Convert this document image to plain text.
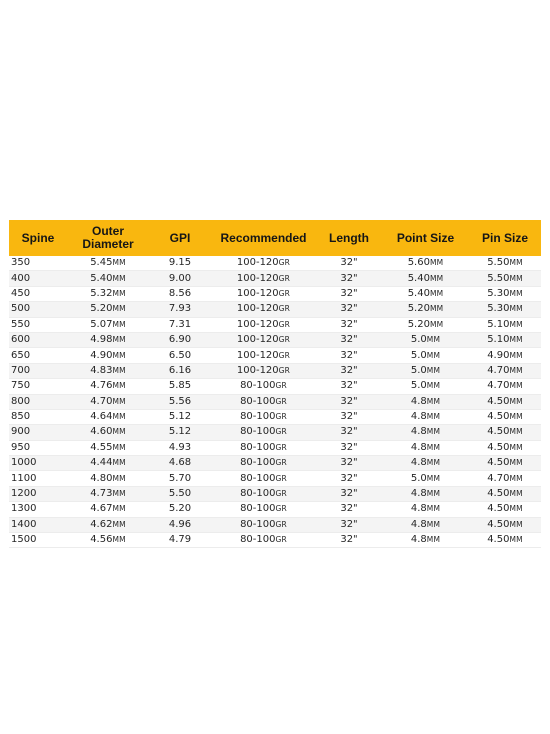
Spine	Outer Diameter	GPI	Recommended	Length	Point Size	Pin Size
350	5.45MM	9.15	100-120GR	32"	5.60MM	5.50MM
400	5.40MM	9.00	100-120GR	32"	5.40MM	5.50MM
450	5.32MM	8.56	100-120GR	32"	5.40MM	5.30MM
500	5.20MM	7.93	100-120GR	32"	5.20MM	5.30MM
550	5.07MM	7.31	100-120GR	32"	5.20MM	5.10MM
600	4.98MM	6.90	100-120GR	32"	5.0MM	5.10MM
650	4.90MM	6.50	100-120GR	32"	5.0MM	4.90MM
700	4.83MM	6.16	100-120GR	32"	5.0MM	4.70MM
750	4.76MM	5.85	80-100GR	32"	5.0MM	4.70MM
800	4.70MM	5.56	80-100GR	32"	4.8MM	4.50MM
850	4.64MM	5.12	80-100GR	32"	4.8MM	4.50MM
900	4.60MM	5.12	80-100GR	32"	4.8MM	4.50MM
950	4.55MM	4.93	80-100GR	32"	4.8MM	4.50MM
1000	4.44MM	4.68	80-100GR	32"	4.8MM	4.50MM
1100	4.80MM	5.70	80-100GR	32"	5.0MM	4.70MM
1200	4.73MM	5.50	80-100GR	32"	4.8MM	4.50MM
1300	4.67MM	5.20	80-100GR	32"	4.8MM	4.50MM
1400	4.62MM	4.96	80-100GR	32"	4.8MM	4.50MM
1500	4.56MM	4.79	80-100GR	32"	4.8MM	4.50MM
